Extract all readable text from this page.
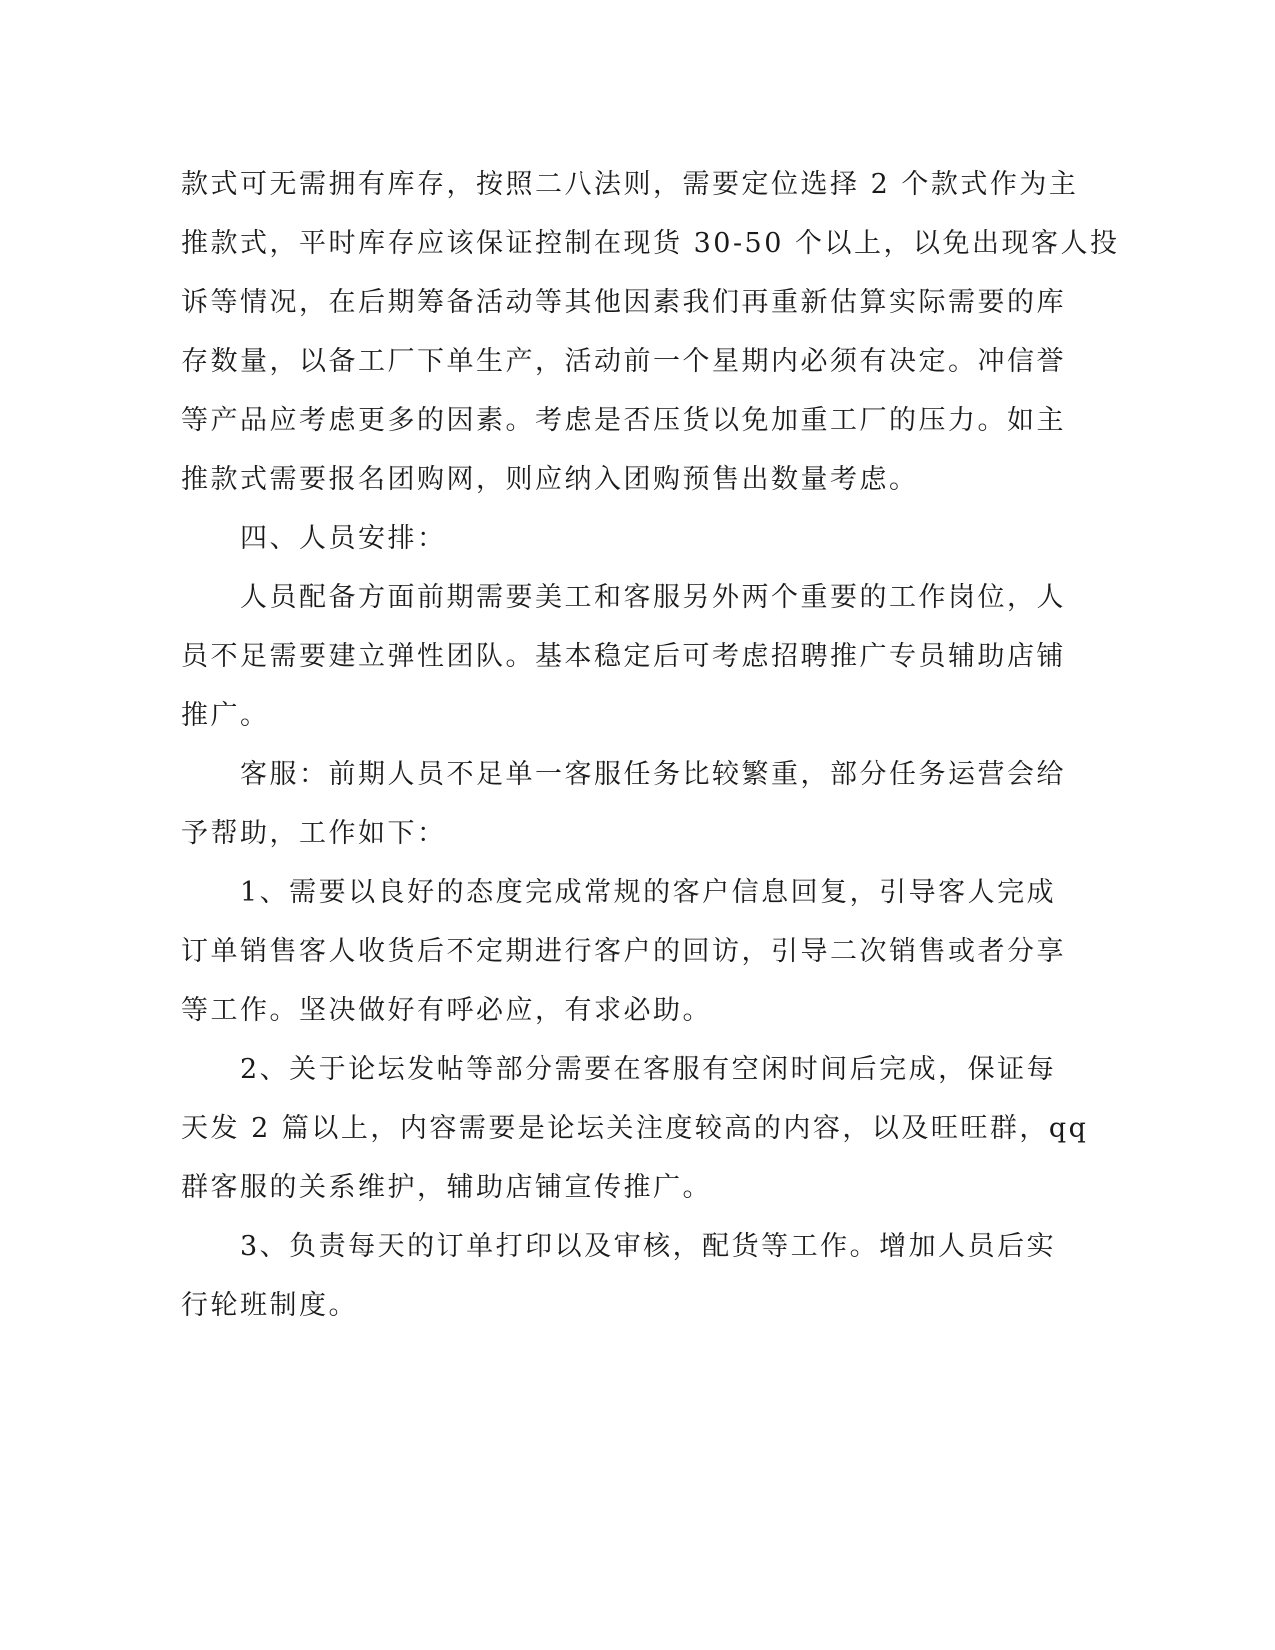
款式可无需拥有库存，按照二八法则，需要定位选择 2 个款式作为主
推款式，平时库存应该保证控制在现货 30-50 个以上，以免出现客人投
诉等情况，在后期筹备活动等其他因素我们再重新估算实际需要的库
存数量，以备工厂下单生产，活动前一个星期内必须有决定。冲信誉
等产品应考虑更多的因素。考虑是否压货以免加重工厂的压力。如主
推款式需要报名团购网，则应纳入团购预售出数量考虑。
　　四、人员安排：
　　人员配备方面前期需要美工和客服另外两个重要的工作岗位，人
员不足需要建立弹性团队。基本稳定后可考虑招聘推广专员辅助店铺
推广。
　　客服：前期人员不足单一客服任务比较繁重，部分任务运营会给
予帮助，工作如下：
　　1、需要以良好的态度完成常规的客户信息回复，引导客人完成
订单销售客人收货后不定期进行客户的回访，引导二次销售或者分享
等工作。坚决做好有呼必应，有求必助。
　　2、关于论坛发帖等部分需要在客服有空闲时间后完成，保证每
天发 2 篇以上，内容需要是论坛关注度较高的内容，以及旺旺群，qq
群客服的关系维护，辅助店铺宣传推广。
　　3、负责每天的订单打印以及审核，配货等工作。增加人员后实
行轮班制度。
